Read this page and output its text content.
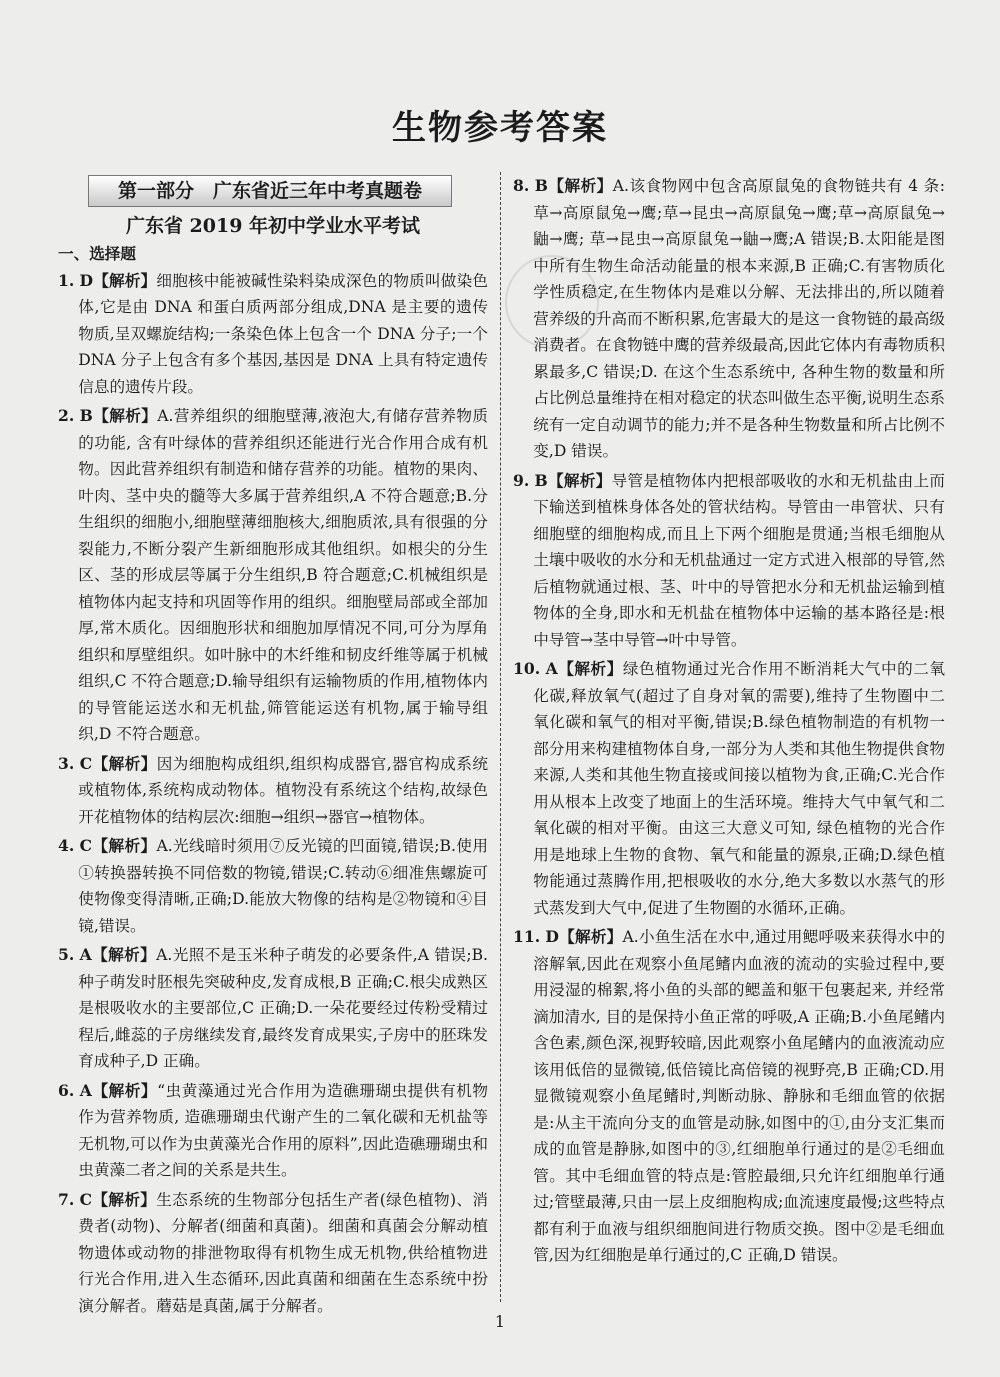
生物参考答案
第一部分　广东省近三年中考真题卷
广东省 2019 年初中学业水平考试
一、选择题

1. D【解析】细胞核中能被碱性染料染成深色的物质叫做染色体,它是由 DNA 和蛋白质两部分组成,DNA 是主要的遗传物质,呈双螺旋结构;一条染色体上包含一个 DNA 分子;一个 DNA 分子上包含有多个基因,基因是 DNA 上具有特定遗传信息的遗传片段。

2. B【解析】A.营养组织的细胞壁薄,液泡大,有储存营养物质的功能, 含有叶绿体的营养组织还能进行光合作用合成有机物。因此营养组织有制造和储存营养的功能。植物的果肉、叶肉、茎中央的髓等大多属于营养组织,A 不符合题意;B.分生组织的细胞小,细胞壁薄细胞核大,细胞质浓,具有很强的分裂能力,不断分裂产生新细胞形成其他组织。如根尖的分生区、茎的形成层等属于分生组织,B 符合题意;C.机械组织是植物体内起支持和巩固等作用的组织。细胞壁局部或全部加厚,常木质化。因细胞形状和细胞加厚情况不同,可分为厚角组织和厚壁组织。如叶脉中的木纤维和韧皮纤维等属于机械组织,C 不符合题意;D.输导组织有运输物质的作用,植物体内的导管能运送水和无机盐,筛管能运送有机物,属于输导组织,D 不符合题意。

3. C【解析】因为细胞构成组织,组织构成器官,器官构成系统或植物体,系统构成动物体。植物没有系统这个结构,故绿色开花植物体的结构层次:细胞→组织→器官→植物体。

4. C【解析】A.光线暗时须用⑦反光镜的凹面镜,错误;B.使用①转换器转换不同倍数的物镜,错误;C.转动⑥细准焦螺旋可使物像变得清晰,正确;D.能放大物像的结构是②物镜和④目镜,错误。

5. A【解析】A.光照不是玉米种子萌发的必要条件,A 错误;B.种子萌发时胚根先突破种皮,发育成根,B 正确;C.根尖成熟区是根吸收水的主要部位,C 正确;D.一朵花要经过传粉受精过程后,雌蕊的子房继续发育,最终发育成果实,子房中的胚珠发育成种子,D 正确。

6. A【解析】“虫黄藻通过光合作用为造礁珊瑚虫提供有机物作为营养物质, 造礁珊瑚虫代谢产生的二氧化碳和无机盐等无机物,可以作为虫黄藻光合作用的原料”,因此造礁珊瑚虫和虫黄藻二者之间的关系是共生。

7. C【解析】生态系统的生物部分包括生产者(绿色植物)、消费者(动物)、分解者(细菌和真菌)。细菌和真菌会分解动植物遗体或动物的排泄物取得有机物生成无机物,供给植物进行光合作用,进入生态循环,因此真菌和细菌在生态系统中扮演分解者。蘑菇是真菌,属于分解者。

8. B【解析】A.该食物网中包含高原鼠兔的食物链共有 4 条:草→高原鼠兔→鹰;草→昆虫→高原鼠兔→鹰;草→高原鼠兔→鼬→鹰; 草→昆虫→高原鼠兔→鼬→鹰;A 错误;B.太阳能是图中所有生物生命活动能量的根本来源,B 正确;C.有害物质化学性质稳定,在生物体内是难以分解、无法排出的,所以随着营养级的升高而不断积累,危害最大的是这一食物链的最高级消费者。在食物链中鹰的营养级最高,因此它体内有毒物质积累最多,C 错误;D. 在这个生态系统中, 各种生物的数量和所占比例总量维持在相对稳定的状态叫做生态平衡,说明生态系统有一定自动调节的能力;并不是各种生物数量和所占比例不变,D 错误。

9. B【解析】导管是植物体内把根部吸收的水和无机盐由上而下输送到植株身体各处的管状结构。导管由一串管状、只有细胞壁的细胞构成,而且上下两个细胞是贯通;当根毛细胞从土壤中吸收的水分和无机盐通过一定方式进入根部的导管,然后植物就通过根、茎、叶中的导管把水分和无机盐运输到植物体的全身,即水和无机盐在植物体中运输的基本路径是:根中导管→茎中导管→叶中导管。

10. A【解析】绿色植物通过光合作用不断消耗大气中的二氧化碳,释放氧气(超过了自身对氧的需要),维持了生物圈中二氧化碳和氧气的相对平衡,错误;B.绿色植物制造的有机物一部分用来构建植物体自身,一部分为人类和其他生物提供食物来源,人类和其他生物直接或间接以植物为食,正确;C.光合作用从根本上改变了地面上的生活环境。维持大气中氧气和二氧化碳的相对平衡。由这三大意义可知, 绿色植物的光合作用是地球上生物的食物、氧气和能量的源泉,正确;D.绿色植物能通过蒸腾作用,把根吸收的水分,绝大多数以水蒸气的形式蒸发到大气中,促进了生物圈的水循环,正确。

11. D【解析】A.小鱼生活在水中,通过用鳃呼吸来获得水中的溶解氧,因此在观察小鱼尾鳍内血液的流动的实验过程中,要用浸湿的棉絮,将小鱼的头部的鳃盖和躯干包裹起来, 并经常滴加清水, 目的是保持小鱼正常的呼吸,A 正确;B.小鱼尾鳍内含色素,颜色深,视野较暗,因此观察小鱼尾鳍内的血液流动应该用低倍的显微镜,低倍镜比高倍镜的视野亮,B 正确;CD.用显微镜观察小鱼尾鳍时,判断动脉、静脉和毛细血管的依据是:从主干流向分支的血管是动脉,如图中的①,由分支汇集而成的血管是静脉,如图中的③,红细胞单行通过的是②毛细血管。其中毛细血管的特点是:管腔最细,只允许红细胞单行通过;管壁最薄,只由一层上皮细胞构成;血流速度最慢;这些特点都有利于血液与组织细胞间进行物质交换。图中②是毛细血管,因为红细胞是单行通过的,C 正确,D 错误。

1
